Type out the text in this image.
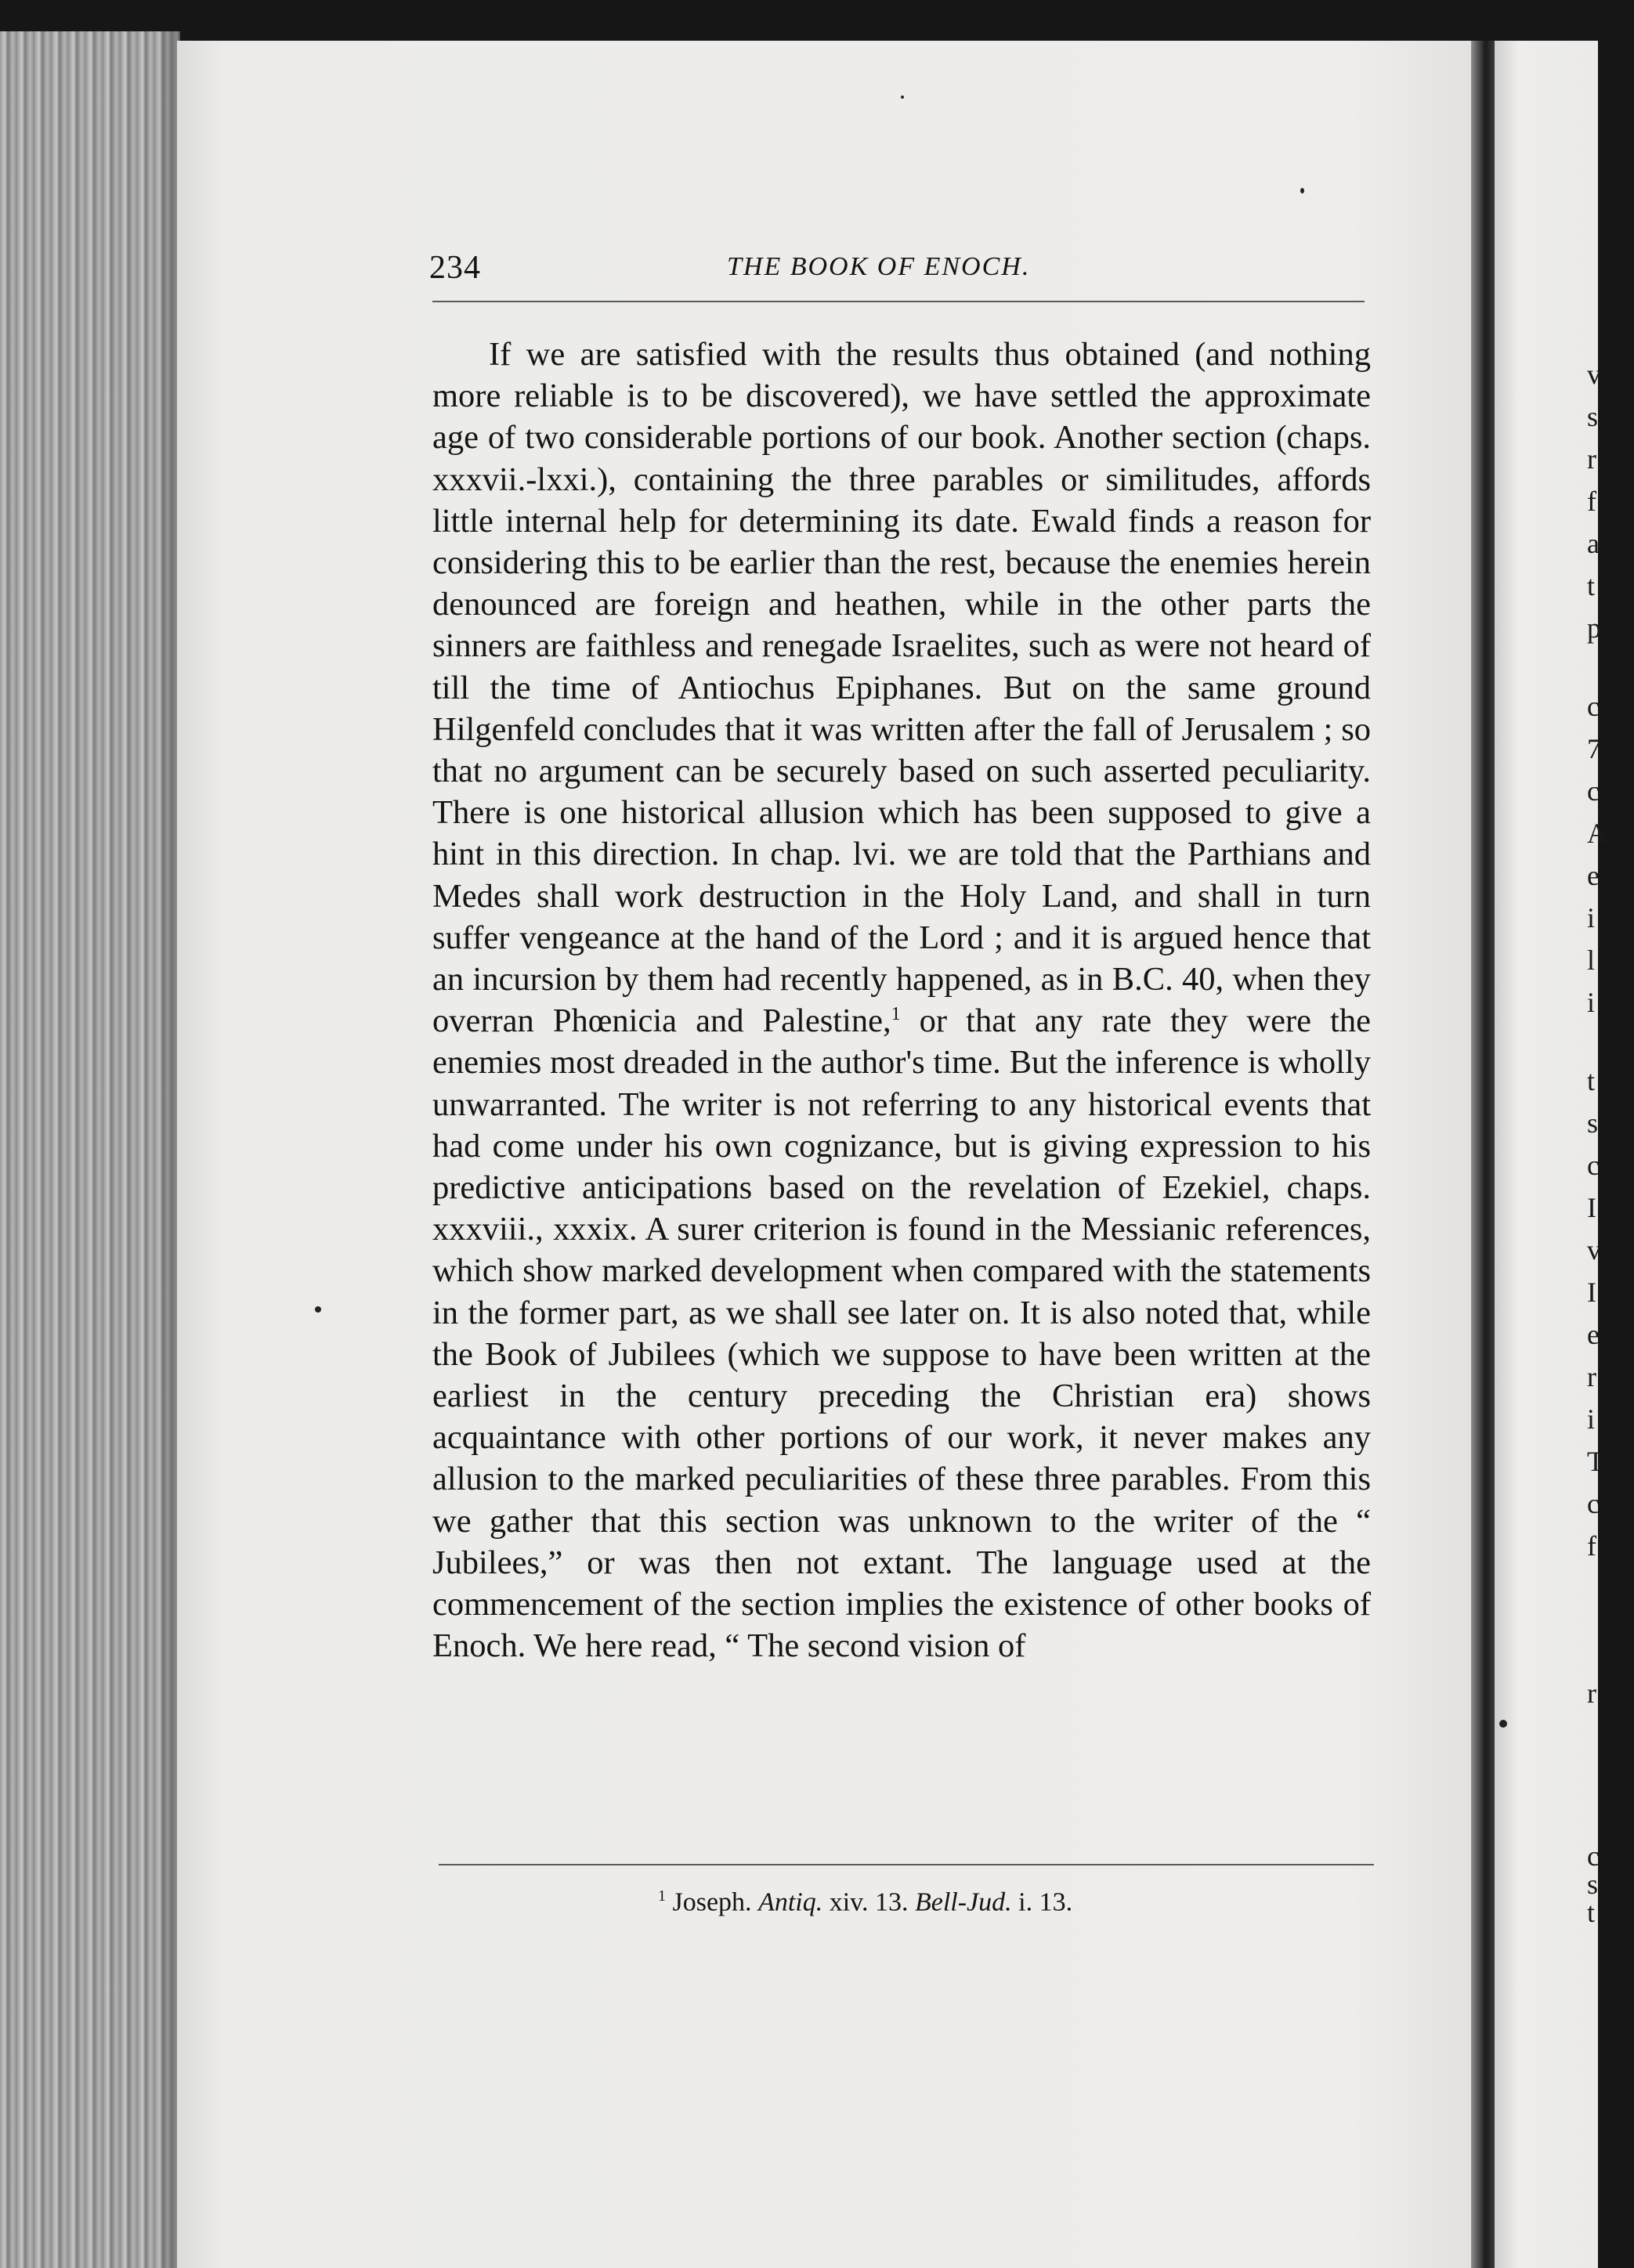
v
s
r
f
a
t
p
c
7
c
A
e
i
l
i
t
s
c
I
v
I
e
r
i
T
c
f
r
c
s
t
234	THE BOOK OF ENOCH.

If we are satisfied with the results thus obtained (and nothing more reliable is to be discovered), we have settled the approximate age of two considerable portions of our book. Another section (chaps. xxxvii.-lxxi.), containing the three parables or similitudes, affords little internal help for determining its date. Ewald finds a reason for considering this to be earlier than the rest, because the enemies herein denounced are foreign and heathen, while in the other parts the sinners are faithless and renegade Israelites, such as were not heard of till the time of Antiochus Epiphanes. But on the same ground Hilgenfeld concludes that it was written after the fall of Jerusalem ; so that no argument can be securely based on such asserted peculiarity. There is one historical allusion which has been supposed to give a hint in this direction. In chap. lvi. we are told that the Parthians and Medes shall work destruction in the Holy Land, and shall in turn suffer vengeance at the hand of the Lord ; and it is argued hence that an incursion by them had recently happened, as in B.C. 40, when they overran Phœnicia and Palestine,$^1$ or that any rate they were the enemies most dreaded in the author's time. But the inference is wholly unwarranted. The writer is not referring to any historical events that had come under his own cognizance, but is giving expression to his predictive anticipations based on the revelation of Ezekiel, chaps. xxxviii., xxxix. A surer criterion is found in the Messianic references, which show marked development when compared with the statements in the former part, as we shall see later on. It is also noted that, while the Book of Jubilees (which we suppose to have been written at the earliest in the century preceding the Christian era) shows acquaintance with other portions of our work, it never makes any allusion to the marked peculiarities of these three parables. From this we gather that this section was unknown to the writer of the “ Jubilees,” or was then not extant. The language used at the commencement of the section implies the existence of other books of Enoch. We here read, “ The second vision of

$^1$ Joseph. Antiq. xiv. 13. Bell-Jud. i. 13.
